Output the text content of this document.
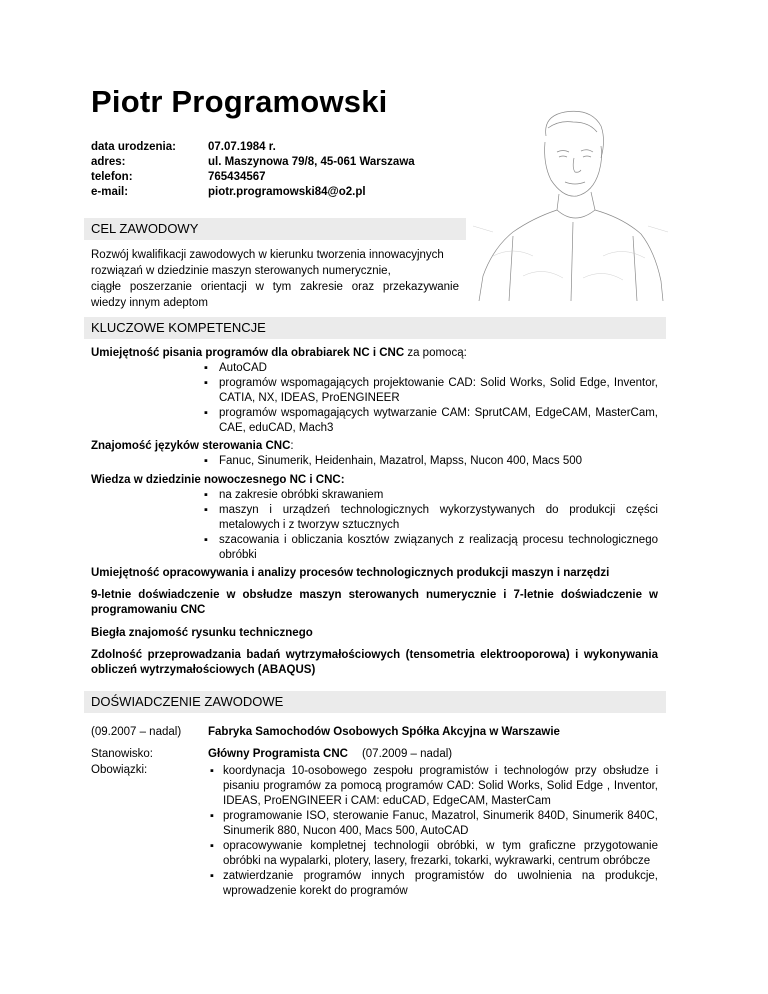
Piotr Programowski
data urodzenia:	07.07.1984 r.
adres:	ul. Maszynowa 79/8, 45-061 Warszawa
telefon:	765434567
e-mail:	piotr.programowski84@o2.pl
CEL ZAWODOWY
Rozwój kwalifikacji zawodowych w kierunku tworzenia innowacyjnych
rozwiązań w dziedzinie maszyn sterowanych numerycznie,
ciągłe poszerzanie orientacji w tym zakresie oraz przekazywanie
wiedzy innym adeptom
KLUCZOWE KOMPETENCJE
Umiejętność pisania programów dla obrabiarek NC i CNC za pomocą:
▪ AutoCAD
▪ programów wspomagających projektowanie CAD: Solid Works, Solid Edge, Inventor, CATIA, NX, IDEAS, ProENGINEER
▪ programów wspomagających wytwarzanie CAM: SprutCAM, EdgeCAM, MasterCam, CAE, eduCAD, Mach3
Znajomość języków sterowania CNC:
▪ Fanuc, Sinumerik, Heidenhain, Mazatrol, Mapss, Nucon 400, Macs 500
Wiedza w dziedzinie nowoczesnego NC i CNC:
▪ na zakresie obróbki skrawaniem
▪ maszyn i urządzeń technologicznych wykorzystywanych do produkcji części metalowych i z tworzyw sztucznych
▪ szacowania i obliczania kosztów związanych z realizacją procesu technologicznego obróbki
Umiejętność opracowywania i analizy procesów technologicznych produkcji maszyn i narzędzi
9-letnie doświadczenie w obsłudze maszyn sterowanych numerycznie i 7-letnie doświadczenie w programowaniu CNC
Biegła znajomość rysunku technicznego
Zdolność przeprowadzania badań wytrzymałościowych (tensometria elektrooporowa) i wykonywania obliczeń wytrzymałościowych (ABAQUS)
DOŚWIADCZENIE ZAWODOWE
(09.2007 – nadal)	Fabryka Samochodów Osobowych Spółka Akcyjna w Warszawie
Stanowisko:	Główny Programista CNC (07.2009 – nadal)
Obowiązki:	▪ koordynacja 10-osobowego zespołu programistów i technologów przy obsłudze i pisaniu programów za pomocą programów CAD: Solid Works, Solid Edge , Inventor, IDEAS, ProENGINEER i CAM: eduCAD, EdgeCAM, MasterCam
▪ programowanie ISO, sterowanie Fanuc, Mazatrol, Sinumerik 840D, Sinumerik 840C, Sinumerik 880, Nucon 400, Macs 500, AutoCAD
▪ opracowywanie kompletnej technologii obróbki, w tym graficzne przygotowanie obróbki na wypalarki, plotery, lasery, frezarki, tokarki, wykrawarki, centrum obróbcze
▪ zatwierdzanie programów innych programistów do uwolnienia na produkcje, wprowadzenie korekt do programów
